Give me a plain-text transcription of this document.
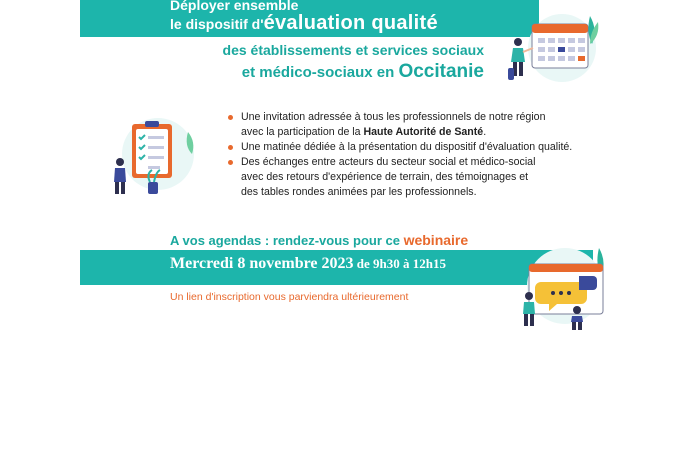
Déployer ensemble
le dispositif d'évaluation qualité
des établissements et services sociaux
et médico-sociaux en Occitanie
Une invitation adressée à tous les professionnels de notre région
avec la participation de la Haute Autorité de Santé.
Une matinée dédiée à la présentation du dispositif d'évaluation qualité.
Des échanges entre acteurs du secteur social et médico-social
avec des retours d'expérience de terrain, des témoignages et
des tables rondes animées par les professionnels.
A vos agendas : rendez-vous pour ce webinaire
Mercredi 8 novembre 2023 de 9h30 à 12h15
Un lien d'inscription vous parviendra ultérieurement
